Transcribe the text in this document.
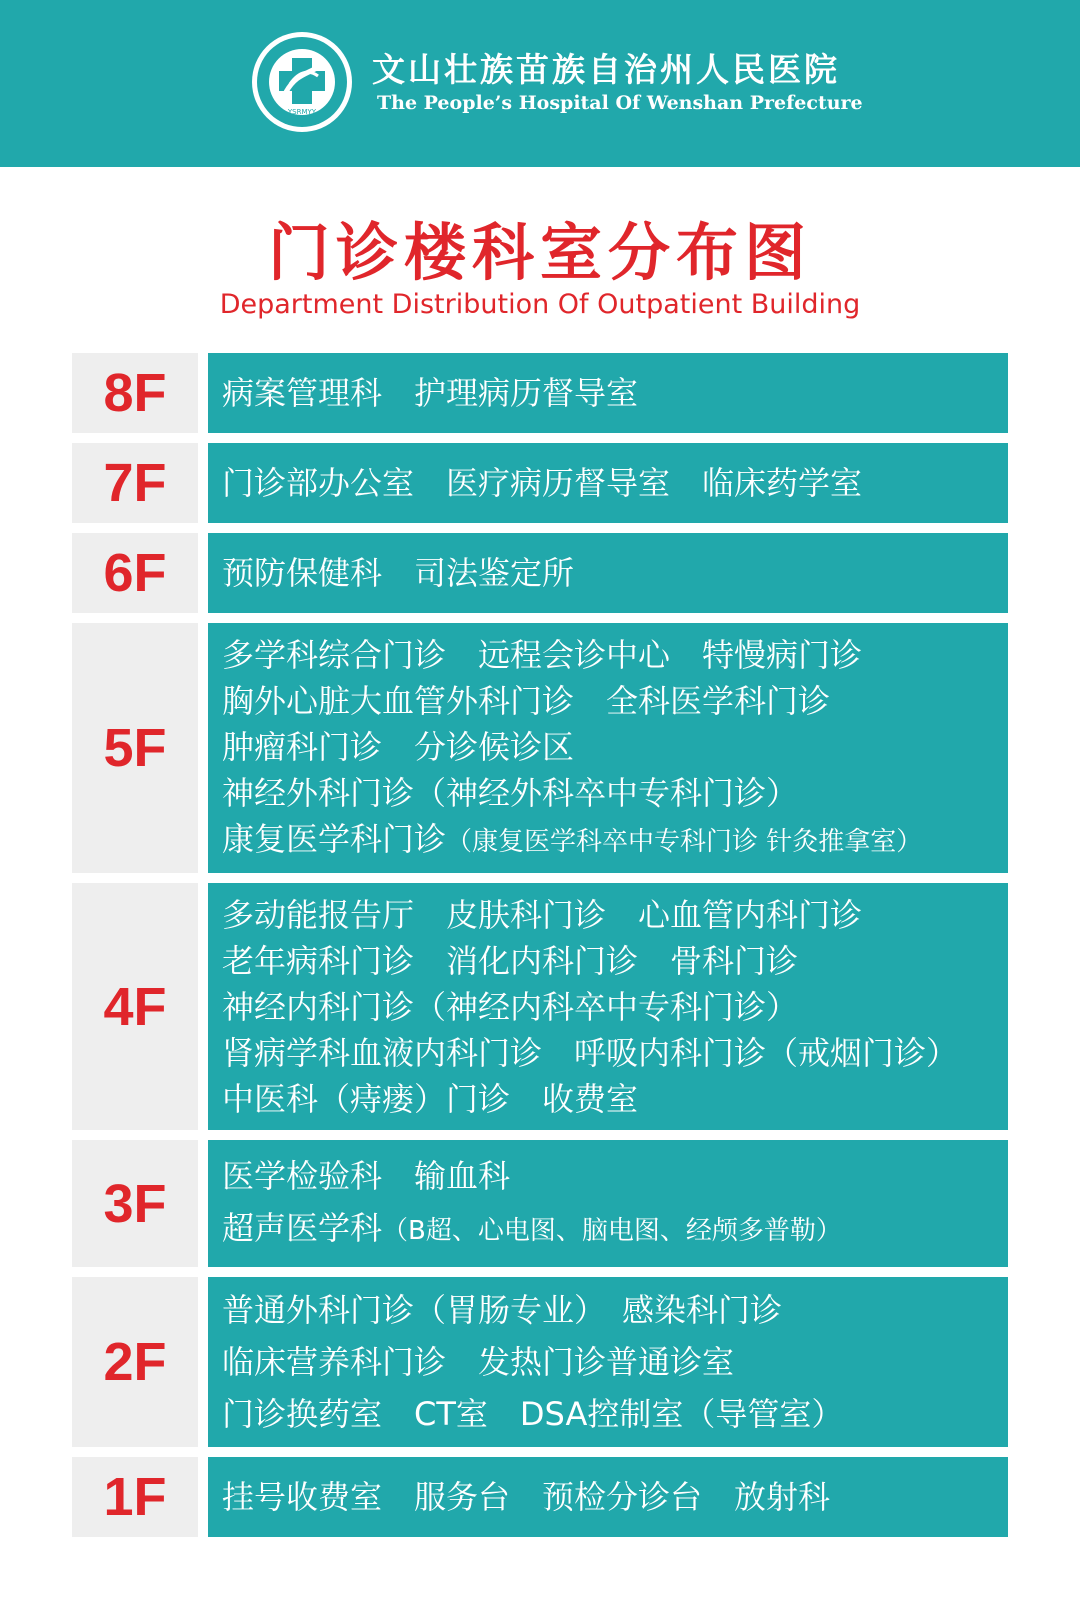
YSRMYY
文山壮族苗族自治州人民医院
The People’s Hospital Of Wenshan Prefecture
门诊楼科室分布图
Department Distribution Of Outpatient Building
8F	病案管理科　护理病历督导室
7F	门诊部办公室　医疗病历督导室　临床药学室
6F	预防保健科　司法鉴定所
5F
多学科综合门诊　远程会诊中心　特慢病门诊
胸外心脏大血管外科门诊　全科医学科门诊
肿瘤科门诊　分诊候诊区
神经外科门诊（神经外科卒中专科门诊）
康复医学科门诊（康复医学科卒中专科门诊 针灸推拿室）
4F
多动能报告厅　皮肤科门诊　心血管内科门诊
老年病科门诊　消化内科门诊　骨科门诊
神经内科门诊（神经内科卒中专科门诊）
肾病学科血液内科门诊　呼吸内科门诊（戒烟门诊）
中医科（痔瘘）门诊　收费室
3F	医学检验科　输血科
超声医学科（B超、心电图、脑电图、经颅多普勒）
2F
普通外科门诊（胃肠专业）　感染科门诊
临床营养科门诊　发热门诊普通诊室
门诊换药室　CT室　DSA控制室（导管室）
1F	挂号收费室　服务台　预检分诊台　放射科
